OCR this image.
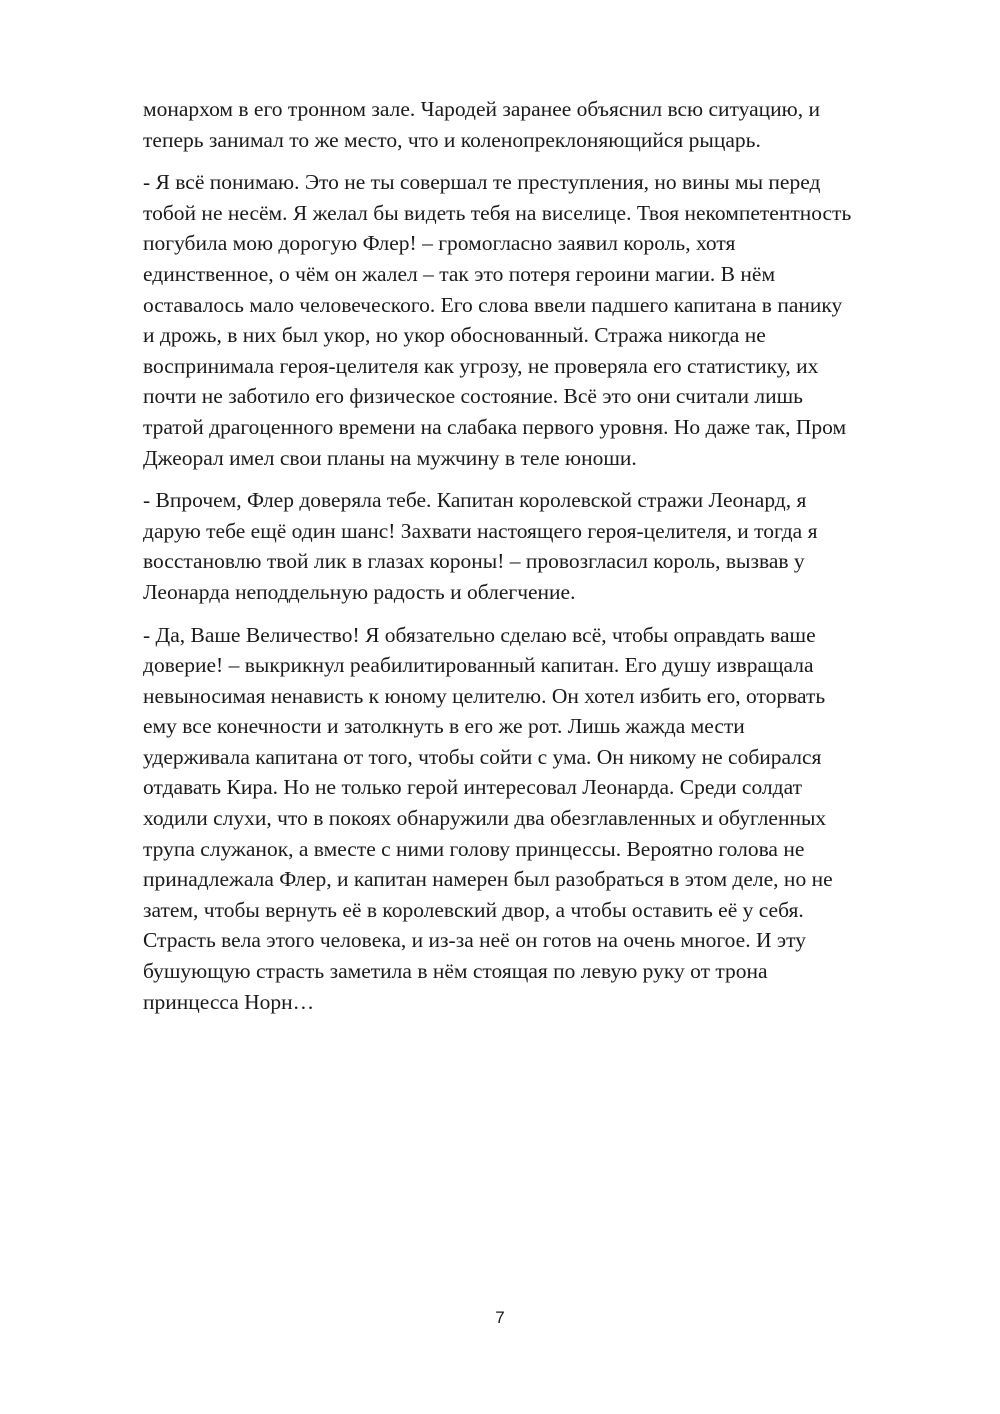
монархом в его тронном зале. Чародей заранее объяснил всю ситуацию, и
теперь занимал то же место, что и коленопреклоняющийся рыцарь.

- Я всё понимаю. Это не ты совершал те преступления, но вины мы перед
тобой не несём. Я желал бы видеть тебя на виселице. Твоя некомпетентность
погубила мою дорогую Флер! – громогласно заявил король, хотя
единственное, о чём он жалел – так это потеря героини магии. В нём
оставалось мало человеческого. Его слова ввели падшего капитана в панику
и дрожь, в них был укор, но укор обоснованный. Стража никогда не
воспринимала героя-целителя как угрозу, не проверяла его статистику, их
почти не заботило его физическое состояние. Всё это они считали лишь
тратой драгоценного времени на слабака первого уровня. Но даже так, Пром
Джеорал имел свои планы на мужчину в теле юноши.

- Впрочем, Флер доверяла тебе. Капитан королевской стражи Леонард, я
дарую тебе ещё один шанс! Захвати настоящего героя-целителя, и тогда я
восстановлю твой лик в глазах короны! – провозгласил король, вызвав у
Леонарда неподдельную радость и облегчение.

- Да, Ваше Величество! Я обязательно сделаю всё, чтобы оправдать ваше
доверие! – выкрикнул реабилитированный капитан. Его душу извращала
невыносимая ненависть к юному целителю. Он хотел избить его, оторвать
ему все конечности и затолкнуть в его же рот. Лишь жажда мести
удерживала капитана от того, чтобы сойти с ума. Он никому не собирался
отдавать Кира. Но не только герой интересовал Леонарда. Среди солдат
ходили слухи, что в покоях обнаружили два обезглавленных и обугленных
трупа служанок, а вместе с ними голову принцессы. Вероятно голова не
принадлежала Флер, и капитан намерен был разобраться в этом деле, но не
затем, чтобы вернуть её в королевский двор, а чтобы оставить её у себя.
Страсть вела этого человека, и из-за неё он готов на очень многое. И эту
бушующую страсть заметила в нём стоящая по левую руку от трона
принцесса Норн…

7
